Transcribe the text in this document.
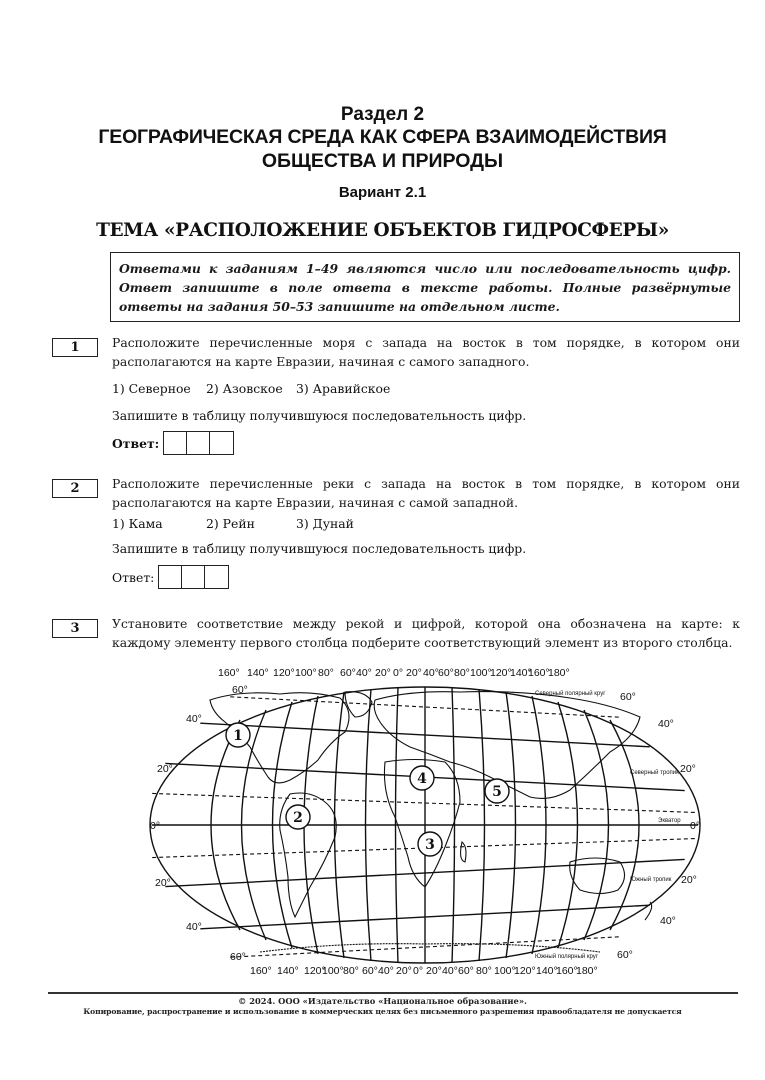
Раздел 2
ГЕОГРАФИЧЕСКАЯ СРЕДА КАК СФЕРА ВЗАИМОДЕЙСТВИЯ
ОБЩЕСТВА И ПРИРОДЫ
Вариант 2.1
ТЕМА «РАСПОЛОЖЕНИЕ ОБЪЕКТОВ ГИДРОСФЕРЫ»
Ответами к заданиям 1–49 являются число или последовательность цифр. Ответ запишите в поле ответа в тексте работы. Полные развёрнутые ответы на задания 50–53 запишите на отдельном листе.
1	Расположите перечисленные моря с запада на восток в том порядке, в котором они располагаются на карте Евразии, начиная с самого западного.
1) Северное	2) Азовское	3) Аравийское
Запишите в таблицу получившуюся последовательность цифр.
Ответ:
2	Расположите перечисленные реки с запада на восток в том порядке, в котором они располагаются на карте Евразии, начиная с самой западной.
1) Кама	2) Рейн	3) Дунай
Запишите в таблицу получившуюся последовательность цифр.
Ответ:
3	Установите соответствие между рекой и цифрой, которой она обозначена на карте: к каждому элементу первого столбца подберите соответствующий элемент из второго столбца.
1
2
3
4
5
160° 140° 120° 100° 80° 60° 40° 20° 0° 20° 40° 60° 80° 100°
120°
140°
160°
180°
160° 140° 120°
100° 80° 60° 40° 20° 0° 20° 40° 60° 80° 100°
120° 140°
160°
180°
60°
40°
20°
0°
20°
40°
60°
60°
40°
20°
0°
20°
40°
60°
Северный полярный круг
Северный тропик
Экватор
Южный тропик
Южный полярный круг
© 2024. ООО «Издательство «Национальное образование».
Копирование, распространение и использование в коммерческих целях без письменного разрешения правообладателя не допускается
